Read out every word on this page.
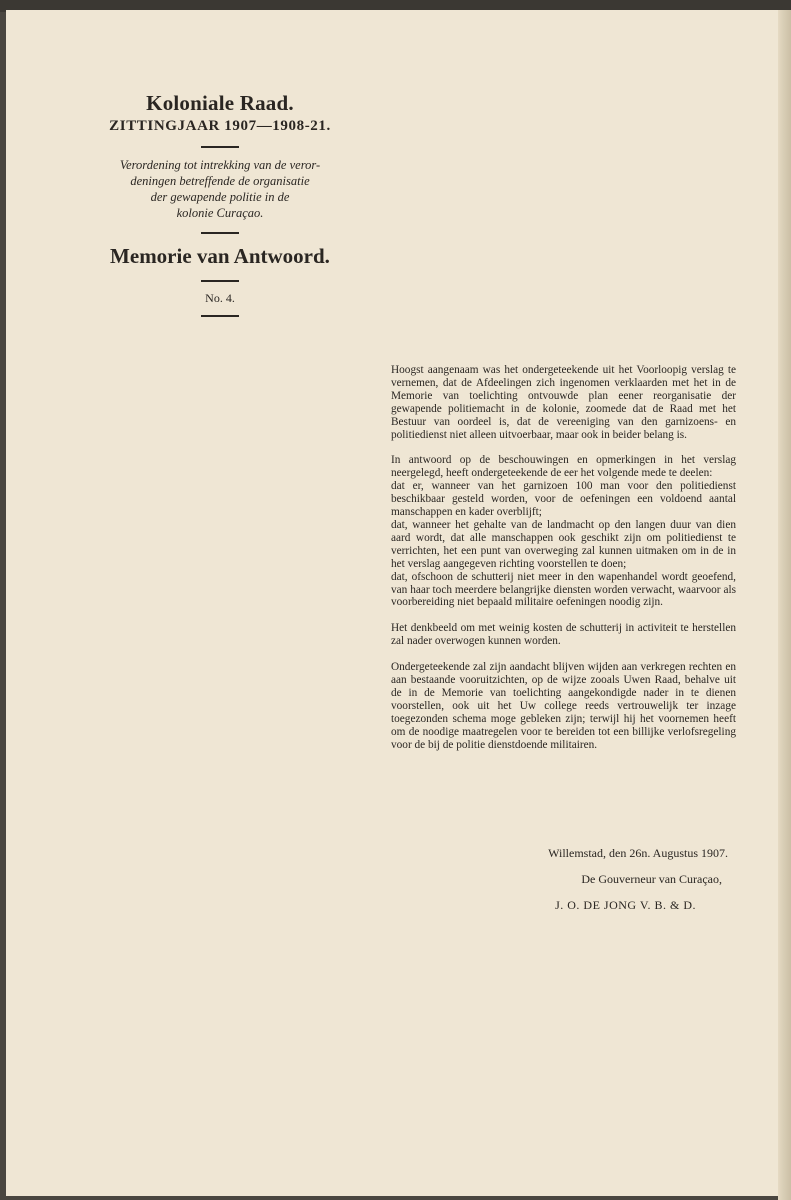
Koloniale Raad.
ZITTINGJAAR 1907—1908-21.
Verordening tot intrekking van de veror-
deningen betreffende de organisatie
der gewapende politie in de
kolonie Curaçao.
Memorie van Antwoord.
No. 4.

Hoogst aangenaam was het ondergeteekende uit het Voorloopig verslag te vernemen, dat de Afdeelingen zich ingenomen verklaarden met het in de Memorie van toelichting ontvouwde plan eener reorganisatie der gewapende politiemacht in de kolonie, zoomede dat de Raad met het Bestuur van oordeel is, dat de vereeniging van den garnizoens- en politiedienst niet alleen uitvoerbaar, maar ook in beider belang is.

In antwoord op de beschouwingen en opmerkingen in het verslag neergelegd, heeft ondergeteekende de eer het volgende mede te deelen:

dat er, wanneer van het garnizoen 100 man voor den politiedienst beschikbaar gesteld worden, voor de oefeningen een voldoend aantal manschappen en kader overblijft;

dat, wanneer het gehalte van de landmacht op den langen duur van dien aard wordt, dat alle manschappen ook geschikt zijn om politiedienst te verrichten, het een punt van overweging zal kunnen uitmaken om in de in het verslag aangegeven richting voorstellen te doen;

dat, ofschoon de schutterij niet meer in den wapenhandel wordt geoefend, van haar toch meerdere belangrijke diensten worden verwacht, waarvoor als voorbereiding niet bepaald militaire oefeningen noodig zijn.

Het denkbeeld om met weinig kosten de schutterij in activiteit te herstellen zal nader overwogen kunnen worden.

Ondergeteekende zal zijn aandacht blijven wijden aan verkregen rechten en aan bestaande vooruitzichten, op de wijze zooals Uwen Raad, behalve uit de in de Memorie van toelichting aangekondigde nader in te dienen voorstellen, ook uit het Uw college reeds vertrouwelijk ter inzage toegezonden schema moge gebleken zijn; terwijl hij het voornemen heeft om de noodige maatregelen voor te bereiden tot een billijke verlofsregeling voor de bij de politie dienstdoende militairen.

Willemstad, den 26n. Augustus 1907.
De Gouverneur van Curaçao,
J. O. DE JONG V. B. & D.
